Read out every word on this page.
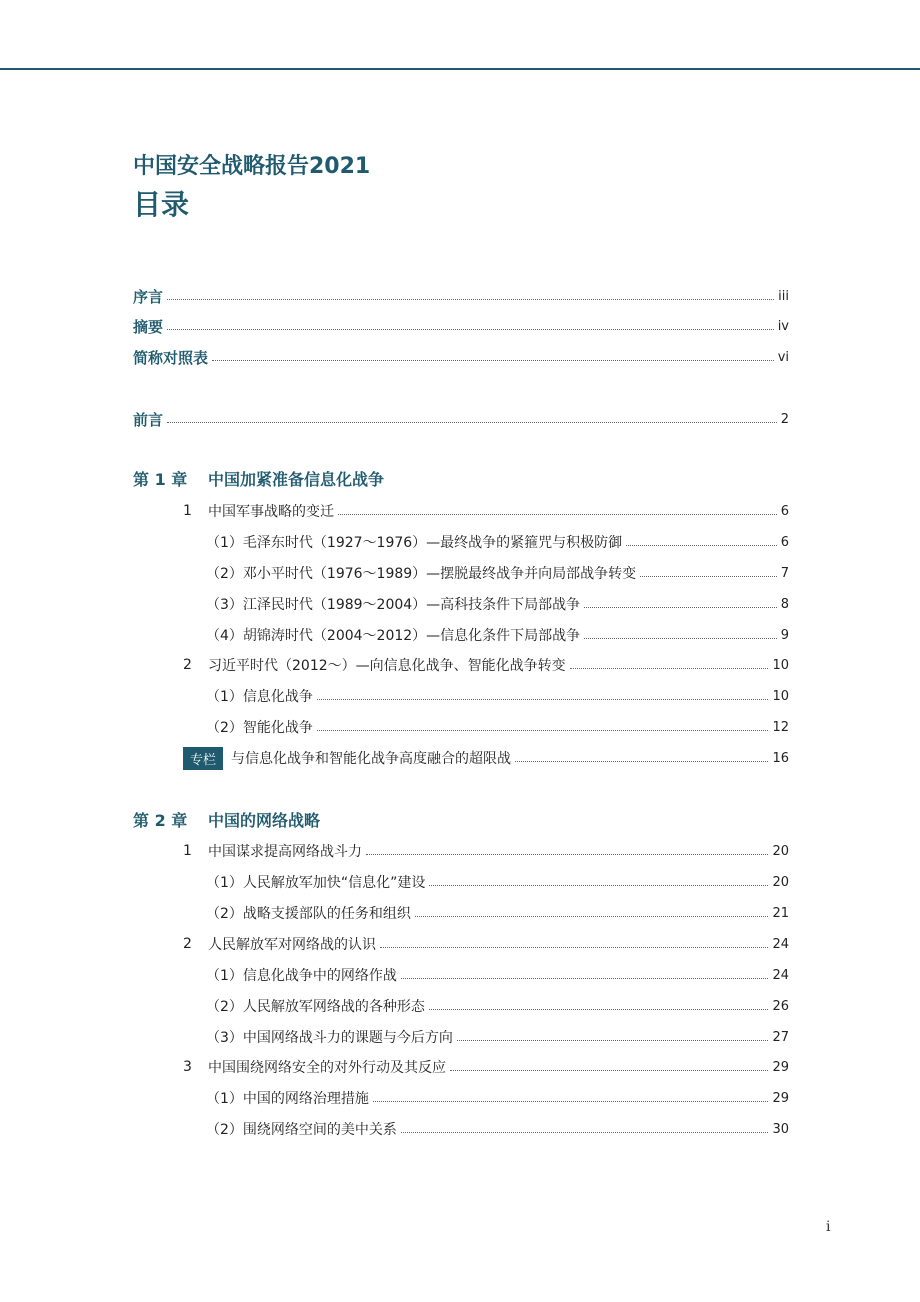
中国安全战略报告2021
目录
序言	iii
摘要	iv
简称对照表	vi
前言	2
第 1 章	中国加紧准备信息化战争
1	中国军事战略的变迁	6
（1） 毛泽东时代（1927～1976）—最终战争的紧箍咒与积极防御	6
（2） 邓小平时代（1976～1989）—摆脱最终战争并向局部战争转变	7
（3） 江泽民时代（1989～2004）—高科技条件下局部战争	8
（4） 胡锦涛时代（2004～2012）—信息化条件下局部战争	9
2	习近平时代（2012～）—向信息化战争、智能化战争转变	10
（1） 信息化战争	10
（2） 智能化战争	12
专栏	与信息化战争和智能化战争高度融合的超限战	16
第 2 章	中国的网络战略
1	中国谋求提高网络战斗力	20
（1） 人民解放军加快“信息化”建设	20
（2） 战略支援部队的任务和组织	21
2	人民解放军对网络战的认识	24
（1） 信息化战争中的网络作战	24
（2） 人民解放军网络战的各种形态	26
（3） 中国网络战斗力的课题与今后方向	27
3	中国围绕网络安全的对外行动及其反应	29
（1） 中国的网络治理措施	29
（2） 围绕网络空间的美中关系	30
i
